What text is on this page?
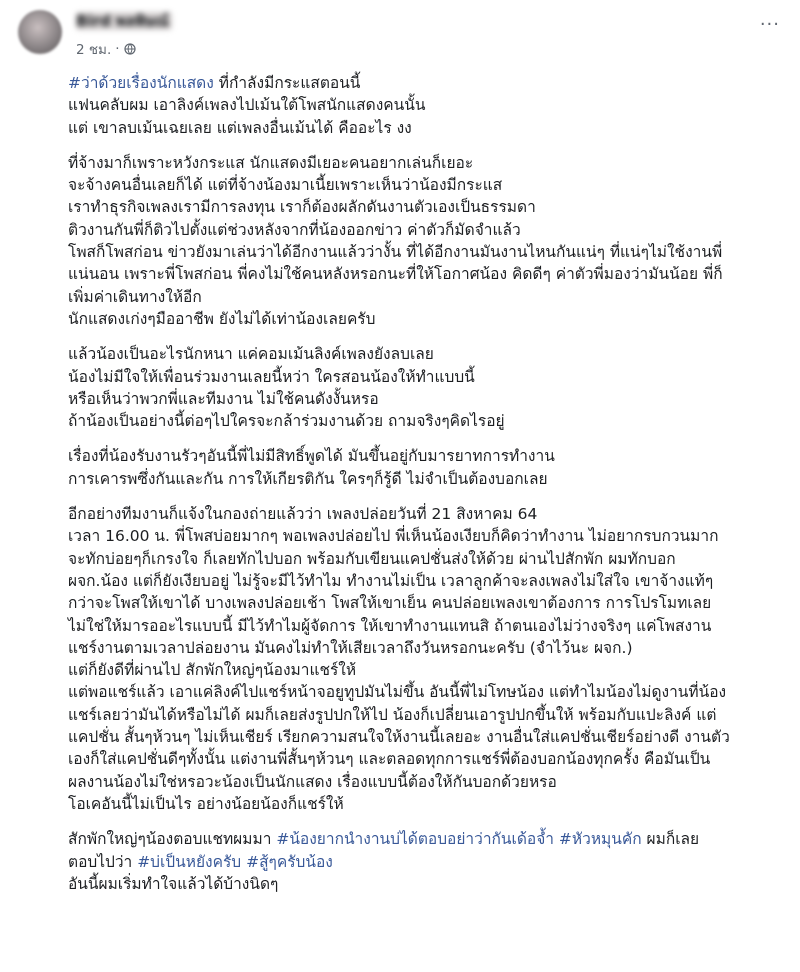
Bird พลพิษณ์
2 ชม. ·
···
#ว่าด้วยเรื่องนักแสดง ที่กำลังมีกระแสตอนนี้
แฟนคลับผม เอาลิงค์เพลงไปเม้นใต้โพสนักแสดงคนนั้น
แต่ เขาลบเม้นเฉยเลย แต่เพลงอื่นเม้นได้ คืออะไร งง
ที่จ้างมาก็เพราะหวังกระแส นักแสดงมีเยอะคนอยากเล่นก็เยอะ
จะจ้างคนอื่นเลยก็ได้ แต่ที่จ้างน้องมาเนี้ยเพราะเห็นว่าน้องมีกระแส
เราทำธุรกิจเพลงเรามีการลงทุน เราก็ต้องผลักดันงานตัวเองเป็นธรรมดา
ติวงานกันพี่ก็ติวไปตั้งแต่ช่วงหลังจากที่น้องออกข่าว ค่าตัวก็มัดจำแล้ว
โพสก็โพสก่อน ข่าวยังมาเล่นว่าได้อีกงานแล้วว่างั้น ที่ได้อีกงานมันงานไหนกันแน่ๆ ที่แน่ๆไม่ใช้งานพี่
แน่นอน เพราะพี่โพสก่อน พี่คงไม่ใช้คนหลังหรอกนะที่ให้โอกาศน้อง คิดดีๆ ค่าตัวพี่มองว่ามันน้อย พี่ก็
เพิ่มค่าเดินทางให้อีก
นักแสดงเก่งๆมืออาชีพ ยังไม่ได้เท่าน้องเลยครับ
แล้วน้องเป็นอะไรนักหนา แค่คอมเม้นลิงค์เพลงยังลบเลย
น้องไม่มีใจให้เพื่อนร่วมงานเลยนี้หว่า ใครสอนน้องให้ทำแบบนี้
หรือเห็นว่าพวกพี่และทีมงาน ไม่ใช้คนดังงั้นหรอ
ถ้าน้องเป็นอย่างนี้ต่อๆไปใครจะกล้าร่วมงานด้วย ถามจริงๆคิดไรอยู่
เรื่องที่น้องรับงานรัวๆอันนี้พี่ไม่มีสิทธิ์พูดได้ มันขึ้นอยู่กับมารยาทการทำงาน
การเคารพซึ่งกันและกัน การให้เกียรติกัน ใครๆก็รู้ดี ไม่จำเป็นต้องบอกเลย
อีกอย่างทีมงานก็แจ้งในกองถ่ายแล้วว่า เพลงปล่อยวันที่ 21 สิงหาคม 64
เวลา 16.00 น. พี่โพสบ่อยมากๆ พอเพลงปล่อยไป พี่เห็นน้องเงียบก็คิดว่าทำงาน ไม่อยากรบกวนมาก
จะทักบ่อยๆก็เกรงใจ ก็เลยทักไปบอก พร้อมกับเขียนแคปชั่นส่งให้ด้วย ผ่านไปสักพัก ผมทักบอก
ผจก.น้อง แต่ก็ยังเงียบอยู่ ไม่รู้จะมีไว้ทำไม ทำงานไม่เป็น เวลาลูกค้าจะลงเพลงไม่ใส่ใจ เขาจ้างแท้ๆ
กว่าจะโพสให้เขาได้ บางเพลงปล่อยเช้า โพสให้เขาเย็น คนปล่อยเพลงเขาต้องการ การโปรโมทเลย
ไม่ใช่ให้มารออะไรแบบนี้ มีไว้ทำไมผู้จัดการ ให้เขาทำงานแทนสิ ถ้าตนเองไม่ว่างจริงๆ แค่โพสงาน
แชร์งานตามเวลาปล่อยงาน มันคงไม่ทำให้เสียเวลาถึงวันหรอกนะครับ (จำไว้นะ ผจก.)
แต่ก็ยังดีที่ผ่านไป สักพักใหญ่ๆน้องมาแชร์ให้
แต่พอแชร์แล้ว เอาแค่ลิงค์ไปแชร์หน้าจอยูทูปมันไม่ขึ้น อันนี้พี่ไม่โทษน้อง แต่ทำไมน้องไม่ดูงานที่น้อง
แชร์เลยว่ามันได้หรือไม่ได้ ผมก็เลยส่งรูปปกให้ไป น้องก็เปลี่ยนเอารูปปกขึ้นให้ พร้อมกับแปะลิงค์ แต่
แคปชั่น สั้นๆห้วนๆ ไม่เห็นเชียร์ เรียกความสนใจให้งานนี้เลยอะ งานอื่นใส่แคปชั่นเชียร์อย่างดี งานตัว
เองก็ใส่แคปชั่นดีๆทั้งนั้น แต่งานพี่สั้นๆห้วนๆ และตลอดทุกการแชร์พี่ต้องบอกน้องทุกครั้ง คือมันเป็น
ผลงานน้องไม่ใช่หรอวะน้องเป็นนักแสดง เรื่องแบบนี้ต้องให้กันบอกด้วยหรอ
โอเคอันนี้ไม่เป็นไร อย่างน้อยน้องก็แชร์ให้
สักพักใหญ่ๆน้องตอบแชทผมมา #น้องยากนำงานบ่ได้ตอบอย่าว่ากันเด้อจ้ำ #หัวหมุนคัก ผมก็เลย
ตอบไปว่า #บ่เป็นหยังครับ #สู้ๆครับน้อง
อันนี้ผมเริ่มทำใจแล้วได้บ้างนิดๆ
